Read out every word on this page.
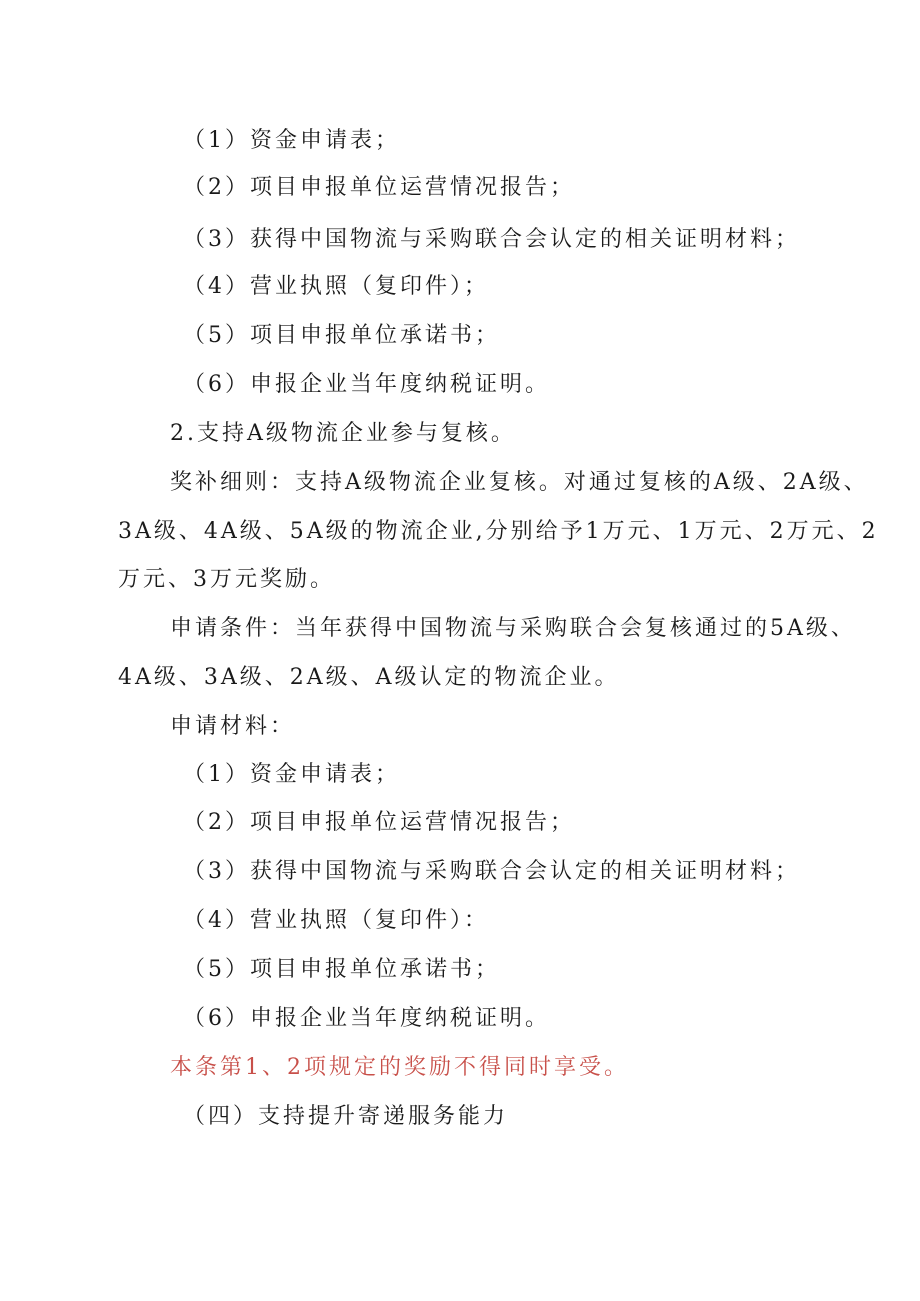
（1）资金申请表；
（2）项目申报单位运营情况报告；
（3）获得中国物流与采购联合会认定的相关证明材料；
（4）营业执照（复印件）；
（5）项目申报单位承诺书；
（6）申报企业当年度纳税证明。
2.支持A级物流企业参与复核。
奖补细则：支持A级物流企业复核。对通过复核的A级、2A级、
3A级、4A级、5A级的物流企业,分别给予1万元、1万元、2万元、2
万元、3万元奖励。
申请条件：当年获得中国物流与采购联合会复核通过的5A级、
4A级、3A级、2A级、A级认定的物流企业。
申请材料：
（1）资金申请表；
（2）项目申报单位运营情况报告；
（3）获得中国物流与采购联合会认定的相关证明材料；
（4）营业执照（复印件）：
（5）项目申报单位承诺书；
（6）申报企业当年度纳税证明。
本条第1、2项规定的奖励不得同时享受。
（四）支持提升寄递服务能力
